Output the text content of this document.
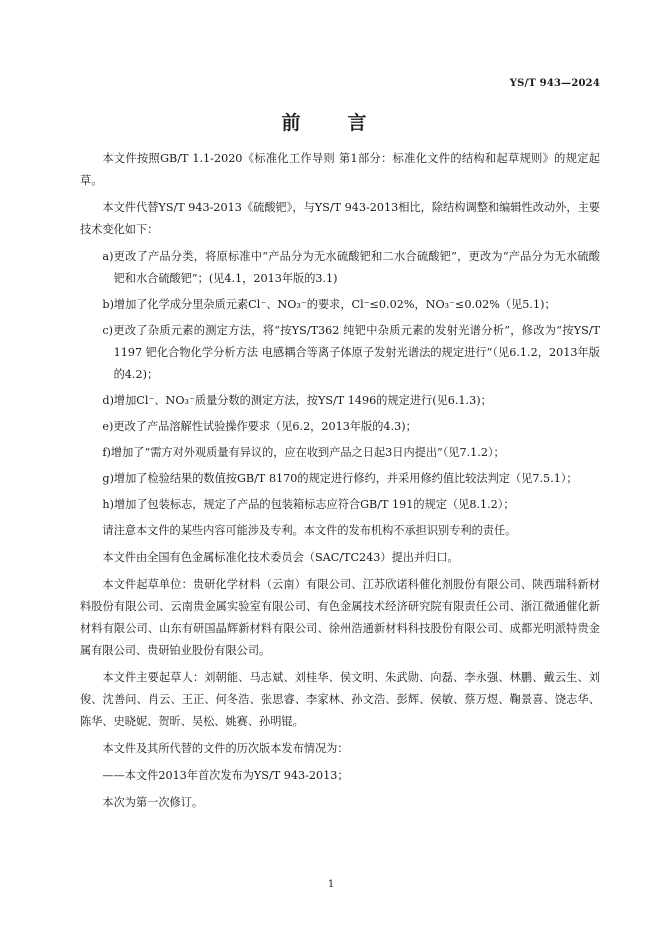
YS/T 943—2024
前　言

本文件按照GB/T 1.1-2020《标准化工作导则 第1部分：标准化文件的结构和起草规则》的规定起草。

本文件代替YS/T 943-2013《硫酸钯》，与YS/T 943-2013相比，除结构调整和编辑性改动外，主要技术变化如下：

a)更改了产品分类，将原标准中“产品分为无水硫酸钯和二水合硫酸钯”，更改为“产品分为无水硫酸钯和水合硫酸钯”；(见4.1，2013年版的3.1)

b)增加了化学成分里杂质元素Cl⁻、NO₃⁻的要求，Cl⁻≤0.02%，NO₃⁻≤0.02%（见5.1)；

c)更改了杂质元素的测定方法，将“按YS/T362 纯钯中杂质元素的发射光谱分析”，修改为“按YS/T 1197 钯化合物化学分析方法 电感耦合等离子体原子发射光谱法的规定进行”（见6.1.2，2013年版的4.2)；

d)增加Cl⁻、NO₃⁻质量分数的测定方法，按YS/T 1496的规定进行(见6.1.3)；

e)更改了产品溶解性试验操作要求（见6.2，2013年版的4.3)；

f)增加了“需方对外观质量有异议的，应在收到产品之日起3日内提出”（见7.1.2）；

g)增加了检验结果的数值按GB/T 8170的规定进行修约，并采用修约值比较法判定（见7.5.1）；

h)增加了包装标志，规定了产品的包装箱标志应符合GB/T 191的规定（见8.1.2）；

请注意本文件的某些内容可能涉及专利。本文件的发布机构不承担识别专利的责任。

本文件由全国有色金属标准化技术委员会（SAC/TC243）提出并归口。

本文件起草单位：贵研化学材料（云南）有限公司、江苏欣诺科催化剂股份有限公司、陕西瑞科新材料股份有限公司、云南贵金属实验室有限公司、有色金属技术经济研究院有限责任公司、浙江微通催化新材料有限公司、山东有研国晶辉新材料有限公司、徐州浩通新材料科技股份有限公司、成都光明派特贵金属有限公司、贵研铂业股份有限公司。

本文件主要起草人：刘朝能、马志斌、刘桂华、侯文明、朱武勋、向磊、李永强、林鹏、戴云生、刘俊、沈善问、肖云、王正、何冬浩、张思睿、李家林、孙文浩、彭辉、侯敏、蔡万煜、鞠景喜、饶志华、陈华、史晓妮、贺昕、吴松、姚赛、孙明锟。

本文件及其所代替的文件的历次版本发布情况为：

——本文件2013年首次发布为YS/T 943-2013；

本次为第一次修订。

1
